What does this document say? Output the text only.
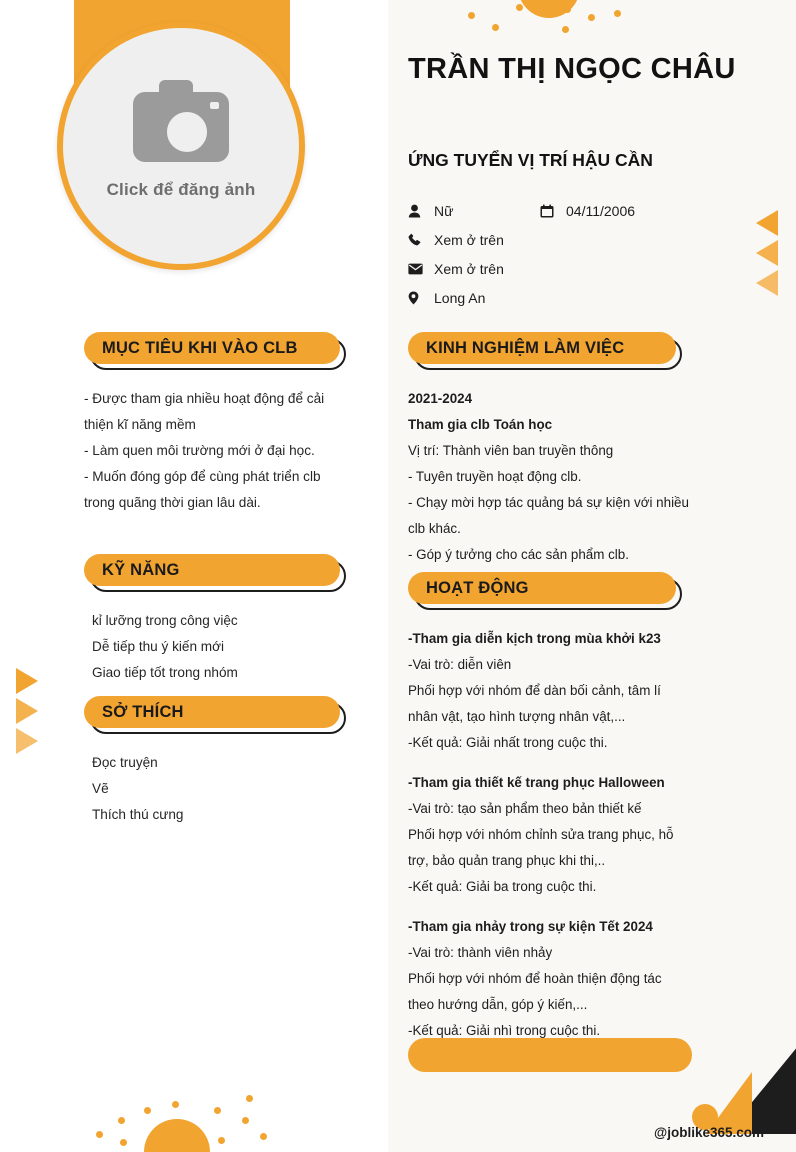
Click để đăng ảnh
MỤC TIÊU KHI VÀO CLB

- Được tham gia nhiều hoạt động để cải thiện kĩ năng mềm

- Làm quen môi trường mới ở đại học.

- Muốn đóng góp để cùng phát triển clb trong quãng thời gian lâu dài.

KỸ NĂNG

kỉ lưỡng trong công việc

Dễ tiếp thu ý kiến mới

Giao tiếp tốt trong nhóm

SỞ THÍCH

Đọc truyện

Vẽ

Thích thú cưng

TRẦN THỊ NGỌC CHÂU
ỨNG TUYỂN VỊ TRÍ HẬU CẦN
Nữ	04/11/2006
Xem ở trên
Xem ở trên
Long An
KINH NGHIỆM LÀM VIỆC

2021-2024

Tham gia clb Toán học

Vị trí: Thành viên ban truyền thông

- Tuyên truyền hoạt động clb.

- Chạy mời hợp tác quảng bá sự kiện với nhiều clb khác.

- Góp ý tưởng cho các sản phẩm clb.

HOẠT ĐỘNG

-Tham gia diễn kịch trong mùa khởi k23

-Vai trò: diễn viên

Phối hợp với nhóm để dàn bối cảnh, tâm lí nhân vật, tạo hình tượng nhân vật,...

-Kết quả: Giải nhất trong cuộc thi.

-Tham gia thiết kế trang phục Halloween

-Vai trò: tạo sản phẩm theo bản thiết kế

Phối hợp với nhóm chỉnh sửa trang phục, hỗ trợ, bảo quản trang phục khi thi,..

-Kết quả: Giải ba trong cuộc thi.

-Tham gia nhảy trong sự kiện Tết 2024

-Vai trò: thành viên nhảy

Phối hợp với nhóm để hoàn thiện động tác theo hướng dẫn, góp ý kiến,...

-Kết quả: Giải nhì trong cuộc thi.

@joblike365.com
